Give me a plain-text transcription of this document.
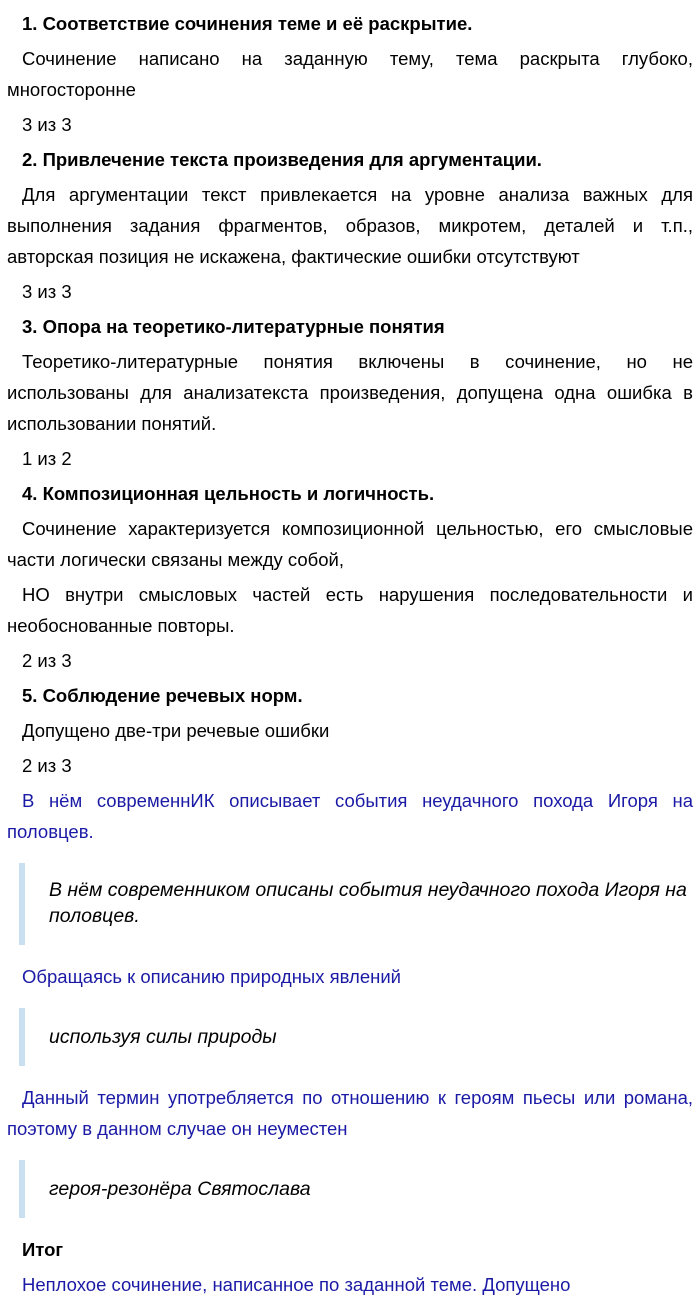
1. Соответствие сочинения теме и её раскрытие.

Сочинение написано на заданную тему, тема раскрыта глубоко, многосторонне

3 из 3

2. Привлечение текста произведения для аргументации.

Для аргументации текст привлекается на уровне анализа важных для выполнения задания фрагментов, образов, микротем, деталей и т.п., авторская позиция не искажена, фактические ошибки отсутствуют

3 из 3

3. Опора на теоретико-литературные понятия

Теоретико-литературные понятия включены в сочинение, но не использованы для анализатекста произведения, допущена одна ошибка в использовании понятий.

1 из 2

4. Композиционная цельность и логичность.

Сочинение характеризуется композиционной цельностью, его смысловые части логически связаны между собой,

НО внутри смысловых частей есть нарушения последовательности и необоснованные повторы.

2 из 3

5. Соблюдение речевых норм.

Допущено две-три речевые ошибки

2 из 3

В нём современнИК описывает события неудачного похода Игоря на половцев.

В нём современником описаны события неудачного похода Игоря на половцев.

Обращаясь к описанию природных явлений

используя силы природы

Данный термин употребляется по отношению к героям пьесы или романа, поэтому в данном случае он неуместен

героя-резонёра Святослава

Итог

Неплохое сочинение, написанное по заданной теме. Допущено
